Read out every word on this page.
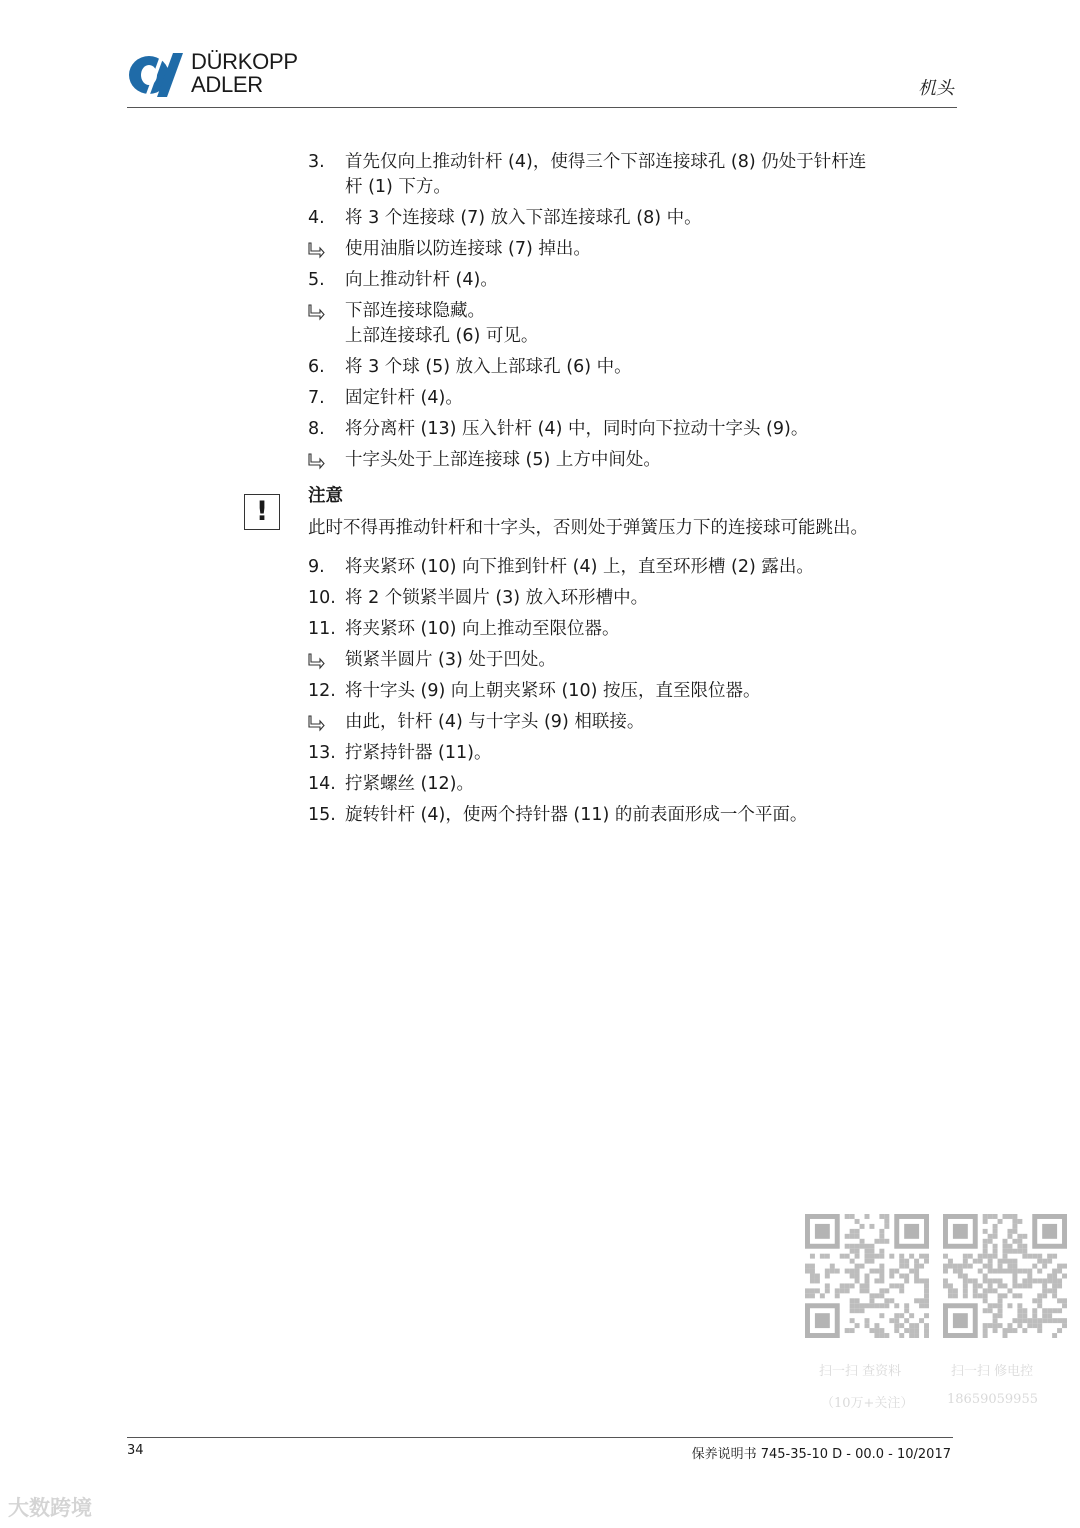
DÜRKOPP
ADLER	机头
3.	首先仅向上推动针杆 (4)，使得三个下部连接球孔 (8) 仍处于针杆连
杆 (1) 下方。
4.	将 3 个连接球 (7) 放入下部连接球孔 (8) 中。
使用油脂以防连接球 (7) 掉出。
5.	向上推动针杆 (4)。
下部连接球隐藏。
上部连接球孔 (6) 可见。
6.	将 3 个球 (5) 放入上部球孔 (6) 中。
7.	固定针杆 (4)。
8.	将分离杆 (13) 压入针杆 (4) 中，同时向下拉动十字头 (9)。
十字头处于上部连接球 (5) 上方中间处。
!	注意
此时不得再推动针杆和十字头，否则处于弹簧压力下的连接球可能跳出。
9.	将夹紧环 (10) 向下推到针杆 (4) 上，直至环形槽 (2) 露出。
10. 将 2 个锁紧半圆片 (3) 放入环形槽中。
11. 将夹紧环 (10) 向上推动至限位器。
锁紧半圆片 (3) 处于凹处。
12. 将十字头 (9) 向上朝夹紧环 (10) 按压，直至限位器。
由此，针杆 (4) 与十字头 (9) 相联接。
13. 拧紧持针器 (11)。
14. 拧紧螺丝 (12)。
15. 旋转针杆 (4)，使两个持针器 (11) 的前表面形成一个平面。
扫一扫 查资料
（10万+关注）
扫一扫 修电控
18659059955
34	保养说明书 745-35-10 D - 00.0 - 10/2017
大数跨境
